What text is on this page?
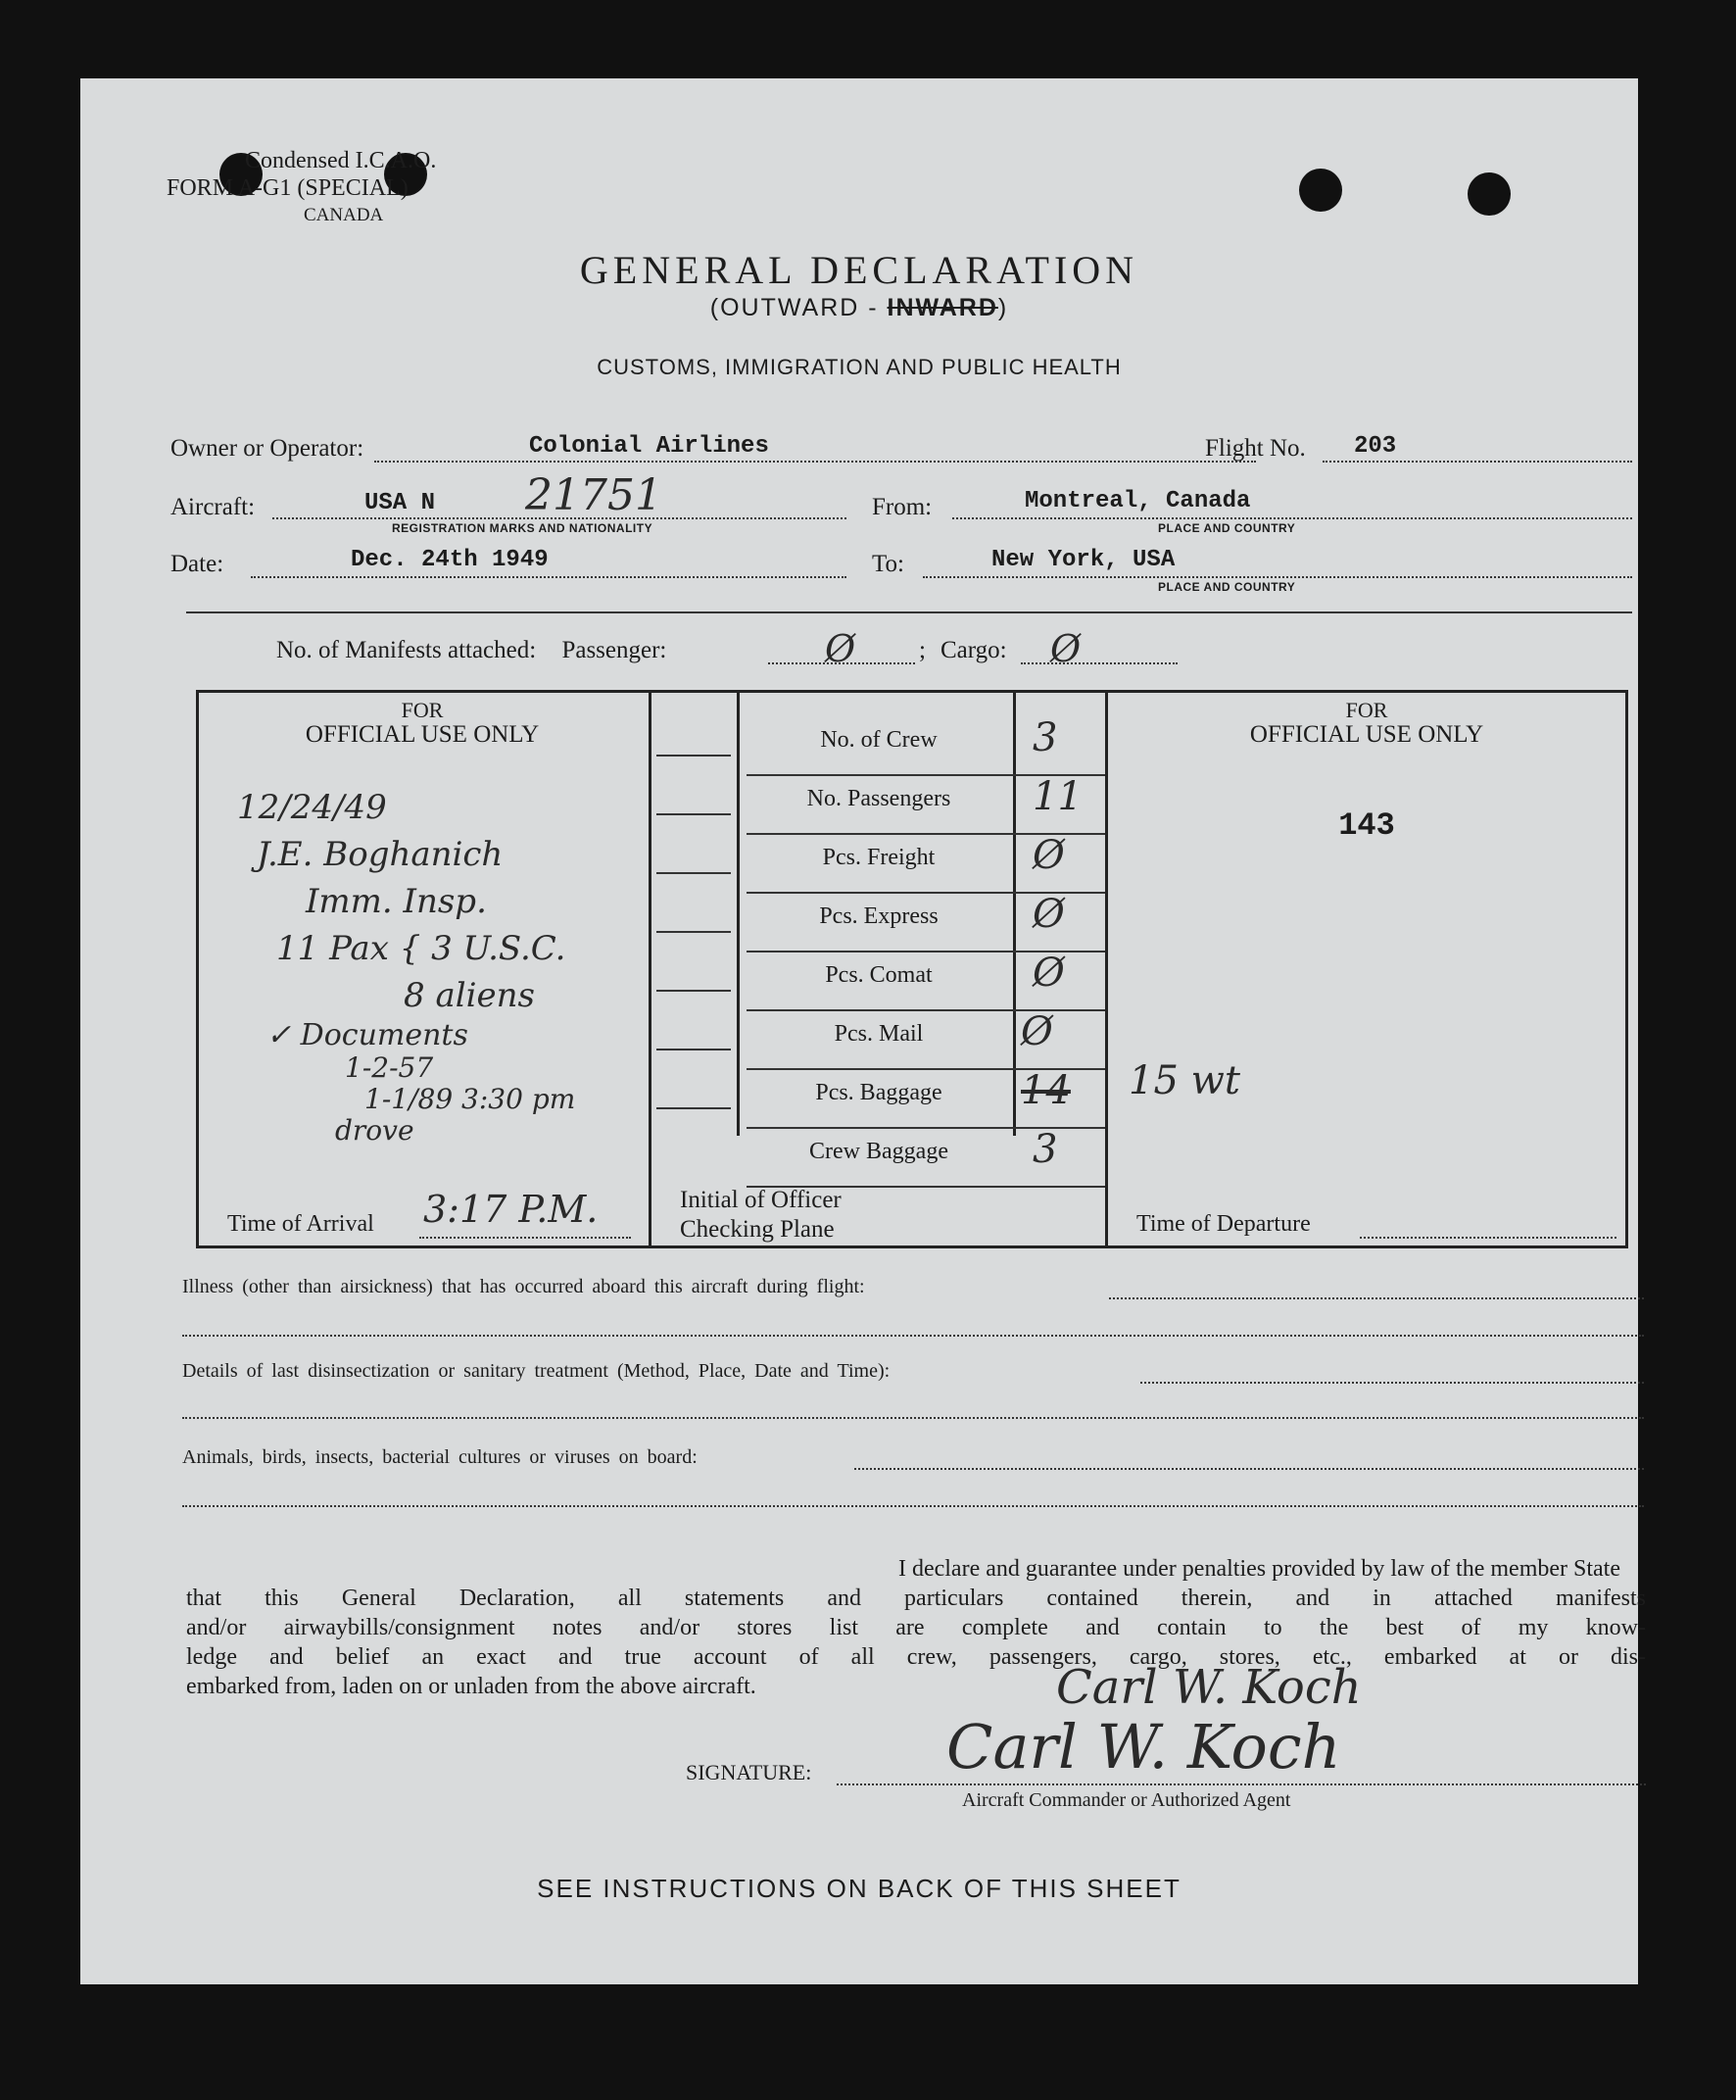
Condensed I.C.A.O.
FORM A-G1 (SPECIAL)
CANADA
GENERAL DECLARATION
(OUTWARD - INWARD)
CUSTOMS, IMMIGRATION AND PUBLIC HEALTH
Owner or Operator:	Colonial Airlines	Flight No. 203
Aircraft:	USA N 21751
REGISTRATION MARKS AND NATIONALITY
From:	Montreal, Canada
PLACE AND COUNTRY
Date:	Dec. 24th 1949	To:	New York, USA
PLACE AND COUNTRY
No. of Manifests attached: Passenger:	Ø	; Cargo: Ø
FOR
OFFICIAL USE ONLY
12/24/49
J.E. Boghanich
Imm. Insp.
11 Pax { 3 U.S.C.
8 aliens
✓ Documents
1-2-57
1-1/89 3:30 pm
drove
Time of Arrival 3:17 P.M.
No. of Crew	3
No. Passengers	11
Pcs. Freight	Ø
Pcs. Express	Ø
Pcs. Comat	Ø
Pcs. Mail	Ø
Pcs. Baggage	14
Crew Baggage	3
Initial of Officer
Checking Plane
15 wt
FOR
OFFICIAL USE ONLY
143
Time of Departure
Illness (other than airsickness) that has occurred aboard this aircraft during flight:
Details of last disinsectization or sanitary treatment (Method, Place, Date and Time):
Animals, birds, insects, bacterial cultures or viruses on board:
I declare and guarantee under penalties provided by law of the member State
that this General Declaration, all statements and particulars contained therein, and in attached manifests
and/or airwaybills/consignment notes and/or stores list are complete and contain to the best of my know-
ledge and belief an exact and true account of all crew, passengers, cargo, stores, etc., embarked at or dis-
embarked from, laden on or unladen from the above aircraft.	Carl W. Koch
Carl W. Koch
SIGNATURE:
Aircraft Commander or Authorized Agent
SEE INSTRUCTIONS ON BACK OF THIS SHEET
